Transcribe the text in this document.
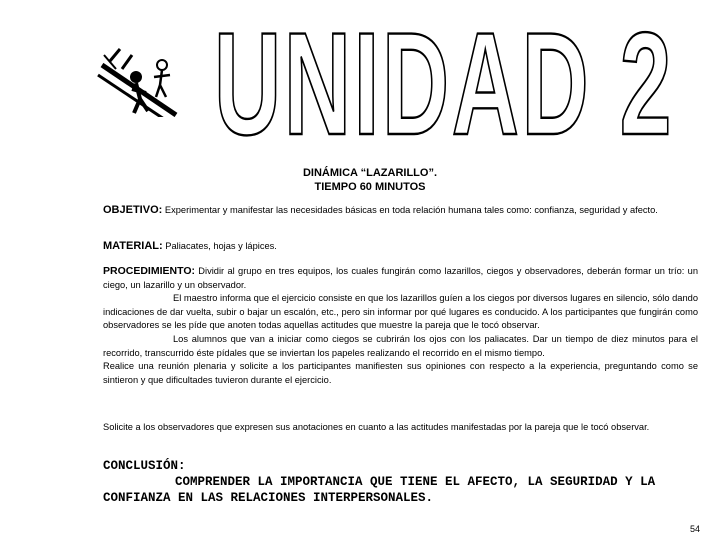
UNIDAD 2
DINÁMICA “LAZARILLO”.
TIEMPO 60 MINUTOS
OBJETIVO: Experimentar y manifestar las necesidades básicas en toda relación humana tales como: confianza, seguridad y afecto.
MATERIAL: Paliacates, hojas y lápices.
PROCEDIMIENTO: Dividir al grupo en tres equipos, los cuales fungirán como lazarillos, ciegos y observadores, deberán formar un trío: un ciego, un lazarillo y un observador.
El maestro informa que el ejercicio consiste en que los lazarillos guíen a los ciegos por diversos lugares en silencio, sólo dando indicaciones de dar vuelta, subir o bajar un escalón, etc., pero sin informar por qué lugares es conducido. A los participantes que fungirán como observadores se les píde que anoten todas aquellas actitudes que muestre la pareja que le tocó observar.
Los alumnos que van a iniciar como ciegos se cubrirán los ojos con los paliacates. Dar un tiempo de diez minutos para el recorrido, transcurrido éste pídales que se inviertan los papeles realizando el recorrido en el mismo tiempo.
Realice una reunión plenaria y solicite a los participantes manifiesten sus opiniones con respecto a la experiencia, preguntando como se sintieron y que dificultades tuvieron durante el ejercicio.
Solicite a los observadores que expresen sus anotaciones en cuanto a las actitudes manifestadas por la pareja que le tocó observar.
CONCLUSIÓN:
COMPRENDER LA IMPORTANCIA QUE TIENE EL AFECTO, LA SEGURIDAD Y LA CONFIANZA EN LAS RELACIONES INTERPERSONALES.
54
